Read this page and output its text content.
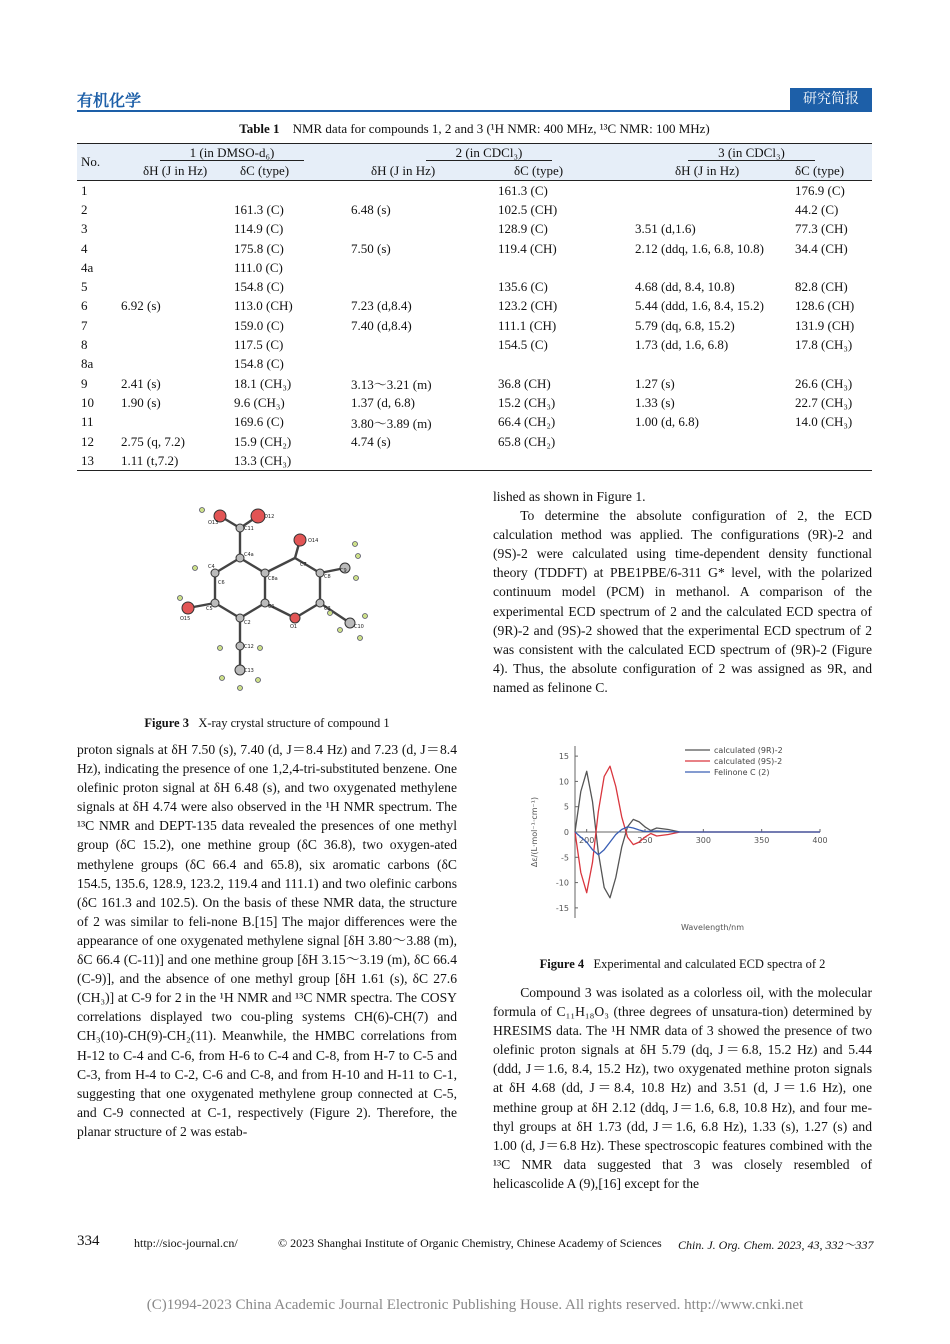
有机化学	研究简报
Table 1 NMR data for compounds 1, 2 and 3 (¹H NMR: 400 MHz, ¹³C NMR: 100 MHz)
No.	1 (in DMSO-d₆)		2 (in CDCl₃)		3 (in CDCl₃)	
	δH (J in Hz)	δC (type)	δH (J in Hz)	δC (type)	δH (J in Hz)	δC (type)
1				161.3 (C)		176.9 (C)
2		161.3 (C)	6.48 (s)	102.5 (CH)		44.2 (C)
3		114.9 (C)		128.9 (C)	3.51 (d,1.6)	77.3 (CH)
4		175.8 (C)	7.50 (s)	119.4 (CH)	2.12 (ddq, 1.6, 6.8, 10.8)	34.4 (CH)
4a		111.0 (C)				
5		154.8 (C)		135.6 (C)	4.68 (dd, 8.4, 10.8)	82.8 (CH)
6	6.92 (s)	113.0 (CH)	7.23 (d,8.4)	123.2 (CH)	5.44 (ddd, 1.6, 8.4, 15.2)	128.6 (CH)
7		159.0 (C)	7.40 (d,8.4)	111.1 (CH)	5.79 (dq, 6.8, 15.2)	131.9 (CH)
8		117.5 (C)		154.5 (C)	1.73 (dd, 1.6, 6.8)	17.8 (CH₃)
8a		154.8 (C)				
9	2.41 (s)	18.1 (CH₃)	3.13～3.21 (m)	36.8 (CH)	1.27 (s)	26.6 (CH₃)
10	1.90 (s)	9.6 (CH₃)	1.37 (d, 6.8)	15.2 (CH₃)	1.33 (s)	22.7 (CH₃)
11		169.6 (C)	3.80～3.89 (m)	66.4 (CH₂)	1.00 (d, 6.8)	14.0 (CH₃)
12	2.75 (q, 7.2)	15.9 (CH₂)	4.74 (s)	65.8 (CH₂)		
13	1.11 (t,7.2)	13.3 (CH₃)				
O13
O12
C11
O14
C4
C4a
C7
C8
C6
C5
C8a
C1	C3
C2
O15
O1
C9
C12
C13
C10
Figure 3 X-ray crystal structure of compound 1

proton signals at δH 7.50 (s), 7.40 (d, J＝8.4 Hz) and 7.23 (d, J＝8.4 Hz), indicating the presence of one 1,2,4-tri-substituted benzene. One olefinic proton signal at δH 6.48 (s), and two oxygenated methylene signals at δH 4.74 were also observed in the ¹H NMR spectrum. The ¹³C NMR and DEPT-135 data revealed the presences of one methyl group (δC 15.2), one methine group (δC 36.8), two oxygen-ated methylene groups (δC 66.4 and 65.8), six aromatic carbons (δC 154.5, 135.6, 128.9, 123.2, 119.4 and 111.1) and two olefinic carbons (δC 161.3 and 102.5). On the basis of these NMR data, the structure of 2 was similar to feli-none B.[15] The major differences were the appearance of one oxygenated methylene signal [δH 3.80～3.88 (m), δC 66.4 (C-11)] and one methine group [δH 3.15～3.19 (m), δC 66.4 (C-9)], and the absence of one methyl group [δH 1.61 (s), δC 27.6 (CH₃)] at C-9 for 2 in the ¹H NMR and ¹³C NMR spectra. The COSY correlations displayed two cou-pling systems CH(6)-CH(7) and CH₃(10)-CH(9)-CH₂(11). Meanwhile, the HMBC correlations from H-12 to C-4 and C-6, from H-6 to C-4 and C-8, from H-7 to C-5 and C-3, from H-4 to C-2, C-6 and C-8, and from H-10 and H-11 to C-1, suggesting that one oxygenated methylene group connected at C-5, and C-9 connected at C-1, respectively (Figure 2). Therefore, the planar structure of 2 was estab-

lished as shown in Figure 1.

To determine the absolute configuration of 2, the ECD calculation method was applied. The configurations (9R)-2 and (9S)-2 were calculated using time-dependent density functional theory (TDDFT) at PBE1PBE/6-311 G* level, with the polarized continuum model (PCM) in methanol. A comparison of the experimental ECD spectrum of 2 and the calculated ECD spectra of (9R)-2 and (9S)-2 showed that the experimental ECD spectrum of 2 was consistent with the calculated ECD spectrum of (9R)-2 (Figure 4). Thus, the absolute configuration of 2 was assigned as 9R, and named as felinone C.

200	250	300	350	400
15
10
5
0
-5
-10
-15
Δε/(L·mol⁻¹·cm⁻¹)
Wavelength/nm
calculated (9R)-2
calculated (9S)-2
Felinone C (2)
Figure 4 Experimental and calculated ECD spectra of 2

Compound 3 was isolated as a colorless oil, with the molecular formula of C₁₁H₁₈O₃ (three degrees of unsatura-tion) determined by HRESIMS data. The ¹H NMR data of 3 showed the presence of two olefinic proton signals at δH 5.79 (dq, J＝6.8, 15.2 Hz) and 5.44 (ddd, J＝1.6, 8.4, 15.2 Hz), two oxygenated methine proton signals at δH 4.68 (dd, J＝8.4, 10.8 Hz) and 3.51 (d, J＝1.6 Hz), one methine group at δH 2.12 (ddq, J＝1.6, 6.8, 10.8 Hz), and four me-thyl groups at δH 1.73 (dd, J＝1.6, 6.8 Hz), 1.33 (s), 1.27 (s) and 1.00 (d, J＝6.8 Hz). These spectroscopic features combined with the ¹³C NMR data suggested that 3 was closely resembled of helicascolide A (9),[16] except for the

334	http://sioc-journal.cn/	© 2023 Shanghai Institute of Organic Chemistry, Chinese Academy of Sciences Chin. J. Org. Chem. 2023, 43, 332～337
(C)1994-2023 China Academic Journal Electronic Publishing House. All rights reserved. http://www.cnki.net
